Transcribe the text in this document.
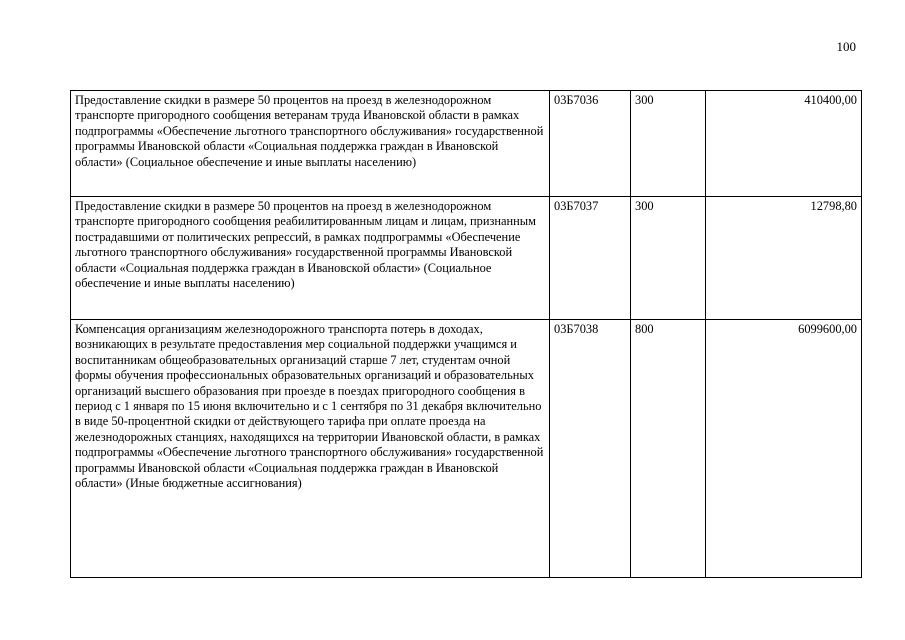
100
Предоставление скидки в размере 50 процентов на проезд в железнодорожном транспорте пригородного сообщения ветеранам труда Ивановской области в рамках подпрограммы «Обеспечение льготного транспортного обслуживания» государственной программы Ивановской области «Социальная поддержка граждан в Ивановской области» (Социальное обеспечение и иные выплаты населению)	03Б7036	300	410400,00
Предоставление скидки в размере 50 процентов на проезд в железнодорожном транспорте пригородного сообщения реабилитированным лицам и лицам, признанным пострадавшими от политических репрессий, в рамках подпрограммы «Обеспечение льготного транспортного обслуживания» государственной программы Ивановской области «Социальная поддержка граждан в Ивановской области» (Социальное обеспечение и иные выплаты населению)	03Б7037	300	12798,80
Компенсация организациям железнодорожного транспорта потерь в доходах, возникающих в результате предоставления мер социальной поддержки учащимся и воспитанникам общеобразовательных организаций старше 7 лет, студентам очной формы обучения профессиональных образовательных организаций и образовательных организаций высшего образования при проезде в поездах пригородного сообщения в период с 1 января по 15 июня включительно и с 1 сентября по 31 декабря включительно в виде 50-процентной скидки от действующего тарифа при оплате проезда на железнодорожных станциях, находящихся на территории Ивановской области, в рамках подпрограммы «Обеспечение льготного транспортного обслуживания» государственной программы Ивановской области «Социальная поддержка граждан в Ивановской области» (Иные бюджетные ассигнования)	03Б7038	800	6099600,00
